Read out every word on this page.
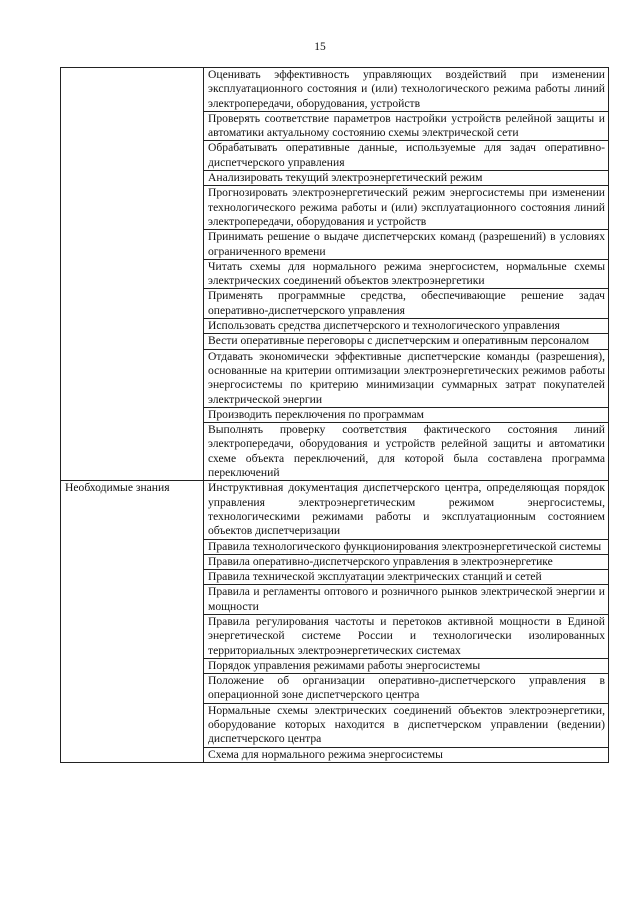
15
	Оценивать эффективность управляющих воздействий при изменении эксплуатационного состояния и (или) технологического режима работы линий электропередачи, оборудования, устройств
	Проверять соответствие параметров настройки устройств релейной защиты и автоматики актуальному состоянию схемы электрической сети
	Обрабатывать оперативные данные, используемые для задач оперативно-диспетчерского управления
	Анализировать текущий электроэнергетический режим
	Прогнозировать электроэнергетический режим энергосистемы при изменении технологического режима работы и (или) эксплуатационного состояния линий электропередачи, оборудования и устройств
	Принимать решение о выдаче диспетчерских команд (разрешений) в условиях ограниченного времени
	Читать схемы для нормального режима энергосистем, нормальные схемы электрических соединений объектов электроэнергетики
	Применять программные средства, обеспечивающие решение задач оперативно-диспетчерского управления
	Использовать средства диспетчерского и технологического управления
	Вести оперативные переговоры с диспетчерским и оперативным персоналом
	Отдавать экономически эффективные диспетчерские команды (разрешения), основанные на критерии оптимизации электроэнергетических режимов работы энергосистемы по критерию минимизации суммарных затрат покупателей электрической энергии
	Производить переключения по программам
	Выполнять проверку соответствия фактического состояния линий электропередачи, оборудования и устройств релейной защиты и автоматики схеме объекта переключений, для которой была составлена программа переключений
Необходимые знания	Инструктивная документация диспетчерского центра, определяющая порядок управления электроэнергетическим режимом энергосистемы, технологическими режимами работы и эксплуатационным состоянием объектов диспетчеризации
	Правила технологического функционирования электроэнергетической системы
	Правила оперативно-диспетчерского управления в электроэнергетике
	Правила технической эксплуатации электрических станций и сетей
	Правила и регламенты оптового и розничного рынков электрической энергии и мощности
	Правила регулирования частоты и перетоков активной мощности в Единой энергетической системе России и технологически изолированных территориальных электроэнергетических системах
	Порядок управления режимами работы энергосистемы
	Положение об организации оперативно-диспетчерского управления в операционной зоне диспетчерского центра
	Нормальные схемы электрических соединений объектов электроэнергетики, оборудование которых находится в диспетчерском управлении (ведении) диспетчерского центра
	Схема для нормального режима энергосистемы
